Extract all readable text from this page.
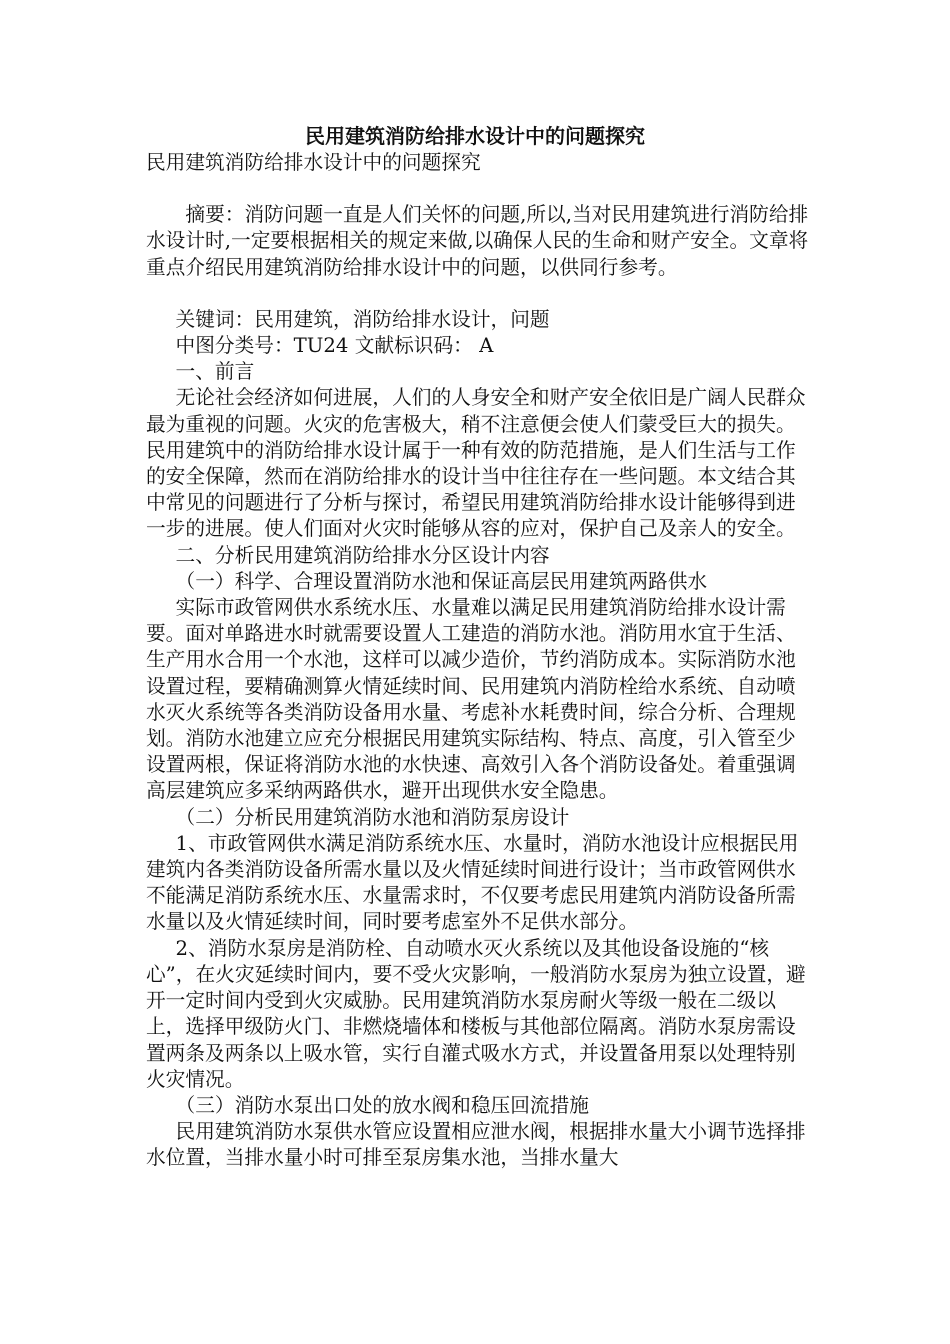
民用建筑消防给排水设计中的问题探究

民用建筑消防给排水设计中的问题探究

摘要：消防问题一直是人们关怀的问题,所以,当对民用建筑进行消防给排水设计时,一定要根据相关的规定来做,以确保人民的生命和财产安全。文章将重点介绍民用建筑消防给排水设计中的问题，以供同行参考。

关键词：民用建筑，消防给排水设计，问题

中图分类号：TU24 文献标识码： A

一、前言

无论社会经济如何进展，人们的人身安全和财产安全依旧是广阔人民群众最为重视的问题。火灾的危害极大，稍不注意便会使人们蒙受巨大的损失。民用建筑中的消防给排水设计属于一种有效的防范措施，是人们生活与工作的安全保障，然而在消防给排水的设计当中往往存在一些问题。本文结合其中常见的问题进行了分析与探讨，希望民用建筑消防给排水设计能够得到进一步的进展。使人们面对火灾时能够从容的应对，保护自己及亲人的安全。

二、分析民用建筑消防给排水分区设计内容

（一）科学、合理设置消防水池和保证高层民用建筑两路供水

实际市政管网供水系统水压、水量难以满足民用建筑消防给排水设计需要。面对单路进水时就需要设置人工建造的消防水池。消防用水宜于生活、生产用水合用一个水池，这样可以减少造价，节约消防成本。实际消防水池设置过程，要精确测算火情延续时间、民用建筑内消防栓给水系统、自动喷水灭火系统等各类消防设备用水量、考虑补水耗费时间，综合分析、合理规划。消防水池建立应充分根据民用建筑实际结构、特点、高度，引入管至少设置两根，保证将消防水池的水快速、高效引入各个消防设备处。着重强调高层建筑应多采纳两路供水，避开出现供水安全隐患。

（二）分析民用建筑消防水池和消防泵房设计

1、市政管网供水满足消防系统水压、水量时，消防水池设计应根据民用建筑内各类消防设备所需水量以及火情延续时间进行设计；当市政管网供水不能满足消防系统水压、水量需求时，不仅要考虑民用建筑内消防设备所需水量以及火情延续时间，同时要考虑室外不足供水部分。

2、消防水泵房是消防栓、自动喷水灭火系统以及其他设备设施的“核心”，在火灾延续时间内，要不受火灾影响，一般消防水泵房为独立设置，避开一定时间内受到火灾威胁。民用建筑消防水泵房耐火等级一般在二级以上，选择甲级防火门、非燃烧墙体和楼板与其他部位隔离。消防水泵房需设置两条及两条以上吸水管，实行自灌式吸水方式，并设置备用泵以处理特别火灾情况。

（三）消防水泵出口处的放水阀和稳压回流措施

民用建筑消防水泵供水管应设置相应泄水阀，根据排水量大小调节选择排水位置，当排水量小时可排至泵房集水池，当排水量大
